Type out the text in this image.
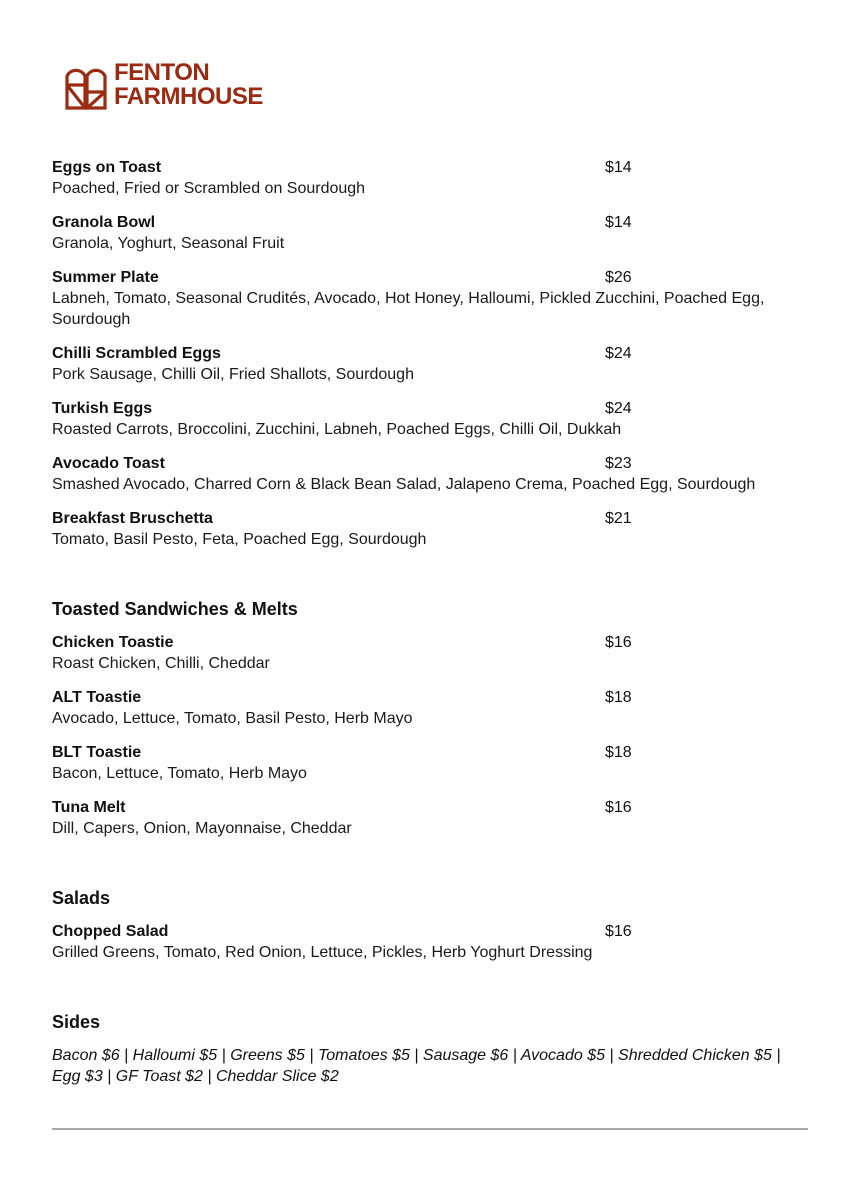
FENTON
FARMHOUSE
Eggs on Toast	$14
Poached, Fried or Scrambled on Sourdough
Granola Bowl	$14
Granola, Yoghurt, Seasonal Fruit
Summer Plate	$26
Labneh, Tomato, Seasonal Crudités, Avocado, Hot Honey, Halloumi, Pickled Zucchini, Poached Egg, Sourdough
Chilli Scrambled Eggs	$24
Pork Sausage, Chilli Oil, Fried Shallots, Sourdough
Turkish Eggs	$24
Roasted Carrots, Broccolini, Zucchini, Labneh, Poached Eggs, Chilli Oil, Dukkah
Avocado Toast	$23
Smashed Avocado, Charred Corn & Black Bean Salad, Jalapeno Crema, Poached Egg, Sourdough
Breakfast Bruschetta	$21
Tomato, Basil Pesto, Feta, Poached Egg, Sourdough
Toasted Sandwiches & Melts
Chicken Toastie	$16
Roast Chicken, Chilli, Cheddar
ALT Toastie	$18
Avocado, Lettuce, Tomato, Basil Pesto, Herb Mayo
BLT Toastie	$18
Bacon, Lettuce, Tomato, Herb Mayo
Tuna Melt	$16
Dill, Capers, Onion, Mayonnaise, Cheddar
Salads
Chopped Salad	$16
Grilled Greens, Tomato, Red Onion, Lettuce, Pickles, Herb Yoghurt Dressing
Sides
Bacon $6 | Halloumi $5 | Greens $5 | Tomatoes $5 | Sausage $6 | Avocado $5 | Shredded Chicken $5 | Egg $3 | GF Toast $2 | Cheddar Slice $2
